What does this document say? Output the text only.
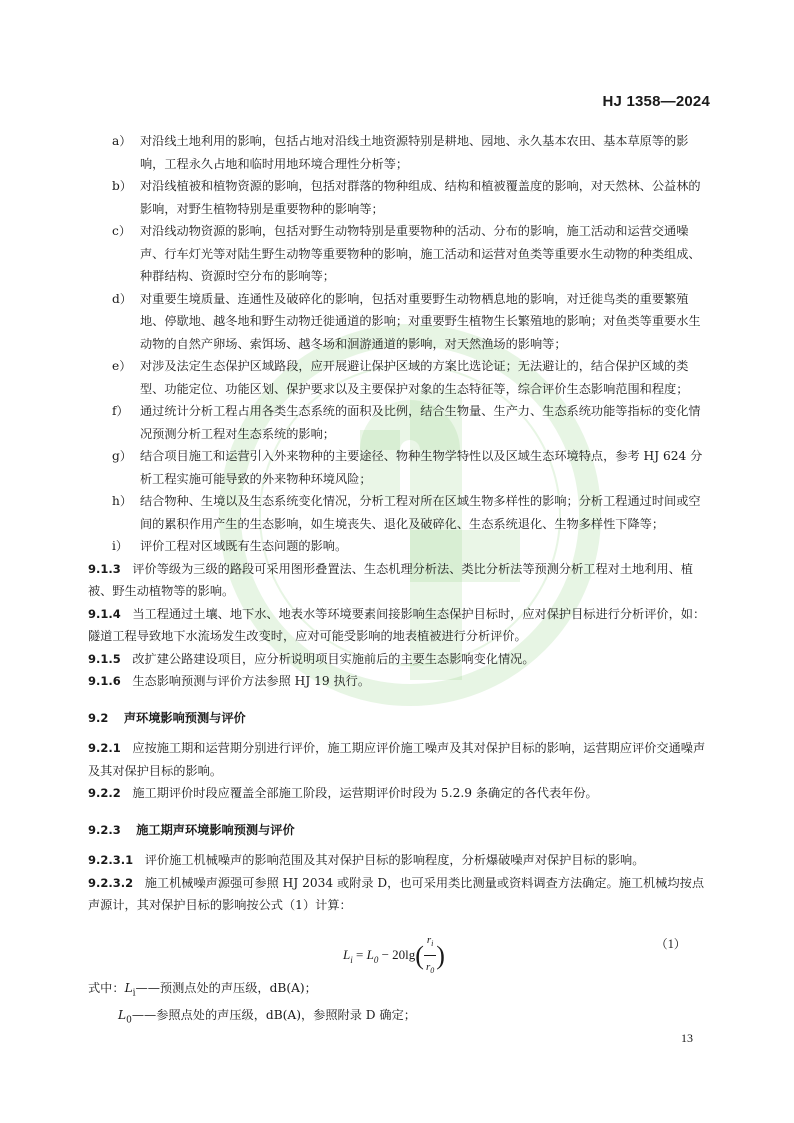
HJ 1358—2024
a） 对沿线土地利用的影响，包括占地对沿线土地资源特别是耕地、园地、永久基本农田、基本草原等的影响，工程永久占地和临时用地环境合理性分析等；
b） 对沿线植被和植物资源的影响，包括对群落的物种组成、结构和植被覆盖度的影响，对天然林、公益林的影响，对野生植物特别是重要物种的影响等；
c） 对沿线动物资源的影响，包括对野生动物特别是重要物种的活动、分布的影响，施工活动和运营交通噪声、行车灯光等对陆生野生动物等重要物种的影响，施工活动和运营对鱼类等重要水生动物的种类组成、种群结构、资源时空分布的影响等；
d） 对重要生境质量、连通性及破碎化的影响，包括对重要野生动物栖息地的影响，对迁徙鸟类的重要繁殖地、停歇地、越冬地和野生动物迁徙通道的影响；对重要野生植物生长繁殖地的影响；对鱼类等重要水生动物的自然产卵场、索饵场、越冬场和洄游通道的影响，对天然渔场的影响等；
e） 对涉及法定生态保护区域路段，应开展避让保护区域的方案比选论证；无法避让的，结合保护区域的类型、功能定位、功能区划、保护要求以及主要保护对象的生态特征等，综合评价生态影响范围和程度；
f） 通过统计分析工程占用各类生态系统的面积及比例，结合生物量、生产力、生态系统功能等指标的变化情况预测分析工程对生态系统的影响；
g） 结合项目施工和运营引入外来物种的主要途径、物种生物学特性以及区域生态环境特点，参考 HJ 624 分析工程实施可能导致的外来物种环境风险；
h） 结合物种、生境以及生态系统变化情况，分析工程对所在区域生物多样性的影响；分析工程通过时间或空间的累积作用产生的生态影响，如生境丧失、退化及破碎化、生态系统退化、生物多样性下降等；
i） 评价工程对区域既有生态问题的影响。
9.1.3 评价等级为三级的路段可采用图形叠置法、生态机理分析法、类比分析法等预测分析工程对土地利用、植被、野生动植物等的影响。
9.1.4 当工程通过土壤、地下水、地表水等环境要素间接影响生态保护目标时，应对保护目标进行分析评价，如：隧道工程导致地下水流场发生改变时，应对可能受影响的地表植被进行分析评价。
9.1.5 改扩建公路建设项目，应分析说明项目实施前后的主要生态影响变化情况。
9.1.6 生态影响预测与评价方法参照 HJ 19 执行。
9.2 声环境影响预测与评价
9.2.1 应按施工期和运营期分别进行评价，施工期应评价施工噪声及其对保护目标的影响，运营期应评价交通噪声及其对保护目标的影响。
9.2.2 施工期评价时段应覆盖全部施工阶段，运营期评价时段为 5.2.9 条确定的各代表年份。
9.2.3 施工期声环境影响预测与评价
9.2.3.1 评价施工机械噪声的影响范围及其对保护目标的影响程度，分析爆破噪声对保护目标的影响。
9.2.3.2 施工机械噪声源强可参照 HJ 2034 或附录 D，也可采用类比测量或资料调查方法确定。施工机械均按点声源计，其对保护目标的影响按公式（1）计算：
$L_i = L_0 - 20\lg( \frac{r_i}{r_0}$ )	（1）
式中：$L_i——$预测点处的声压级，dB(A)；
$L_0——$参照点处的声压级，dB(A)，参照附录 D 确定；
13
